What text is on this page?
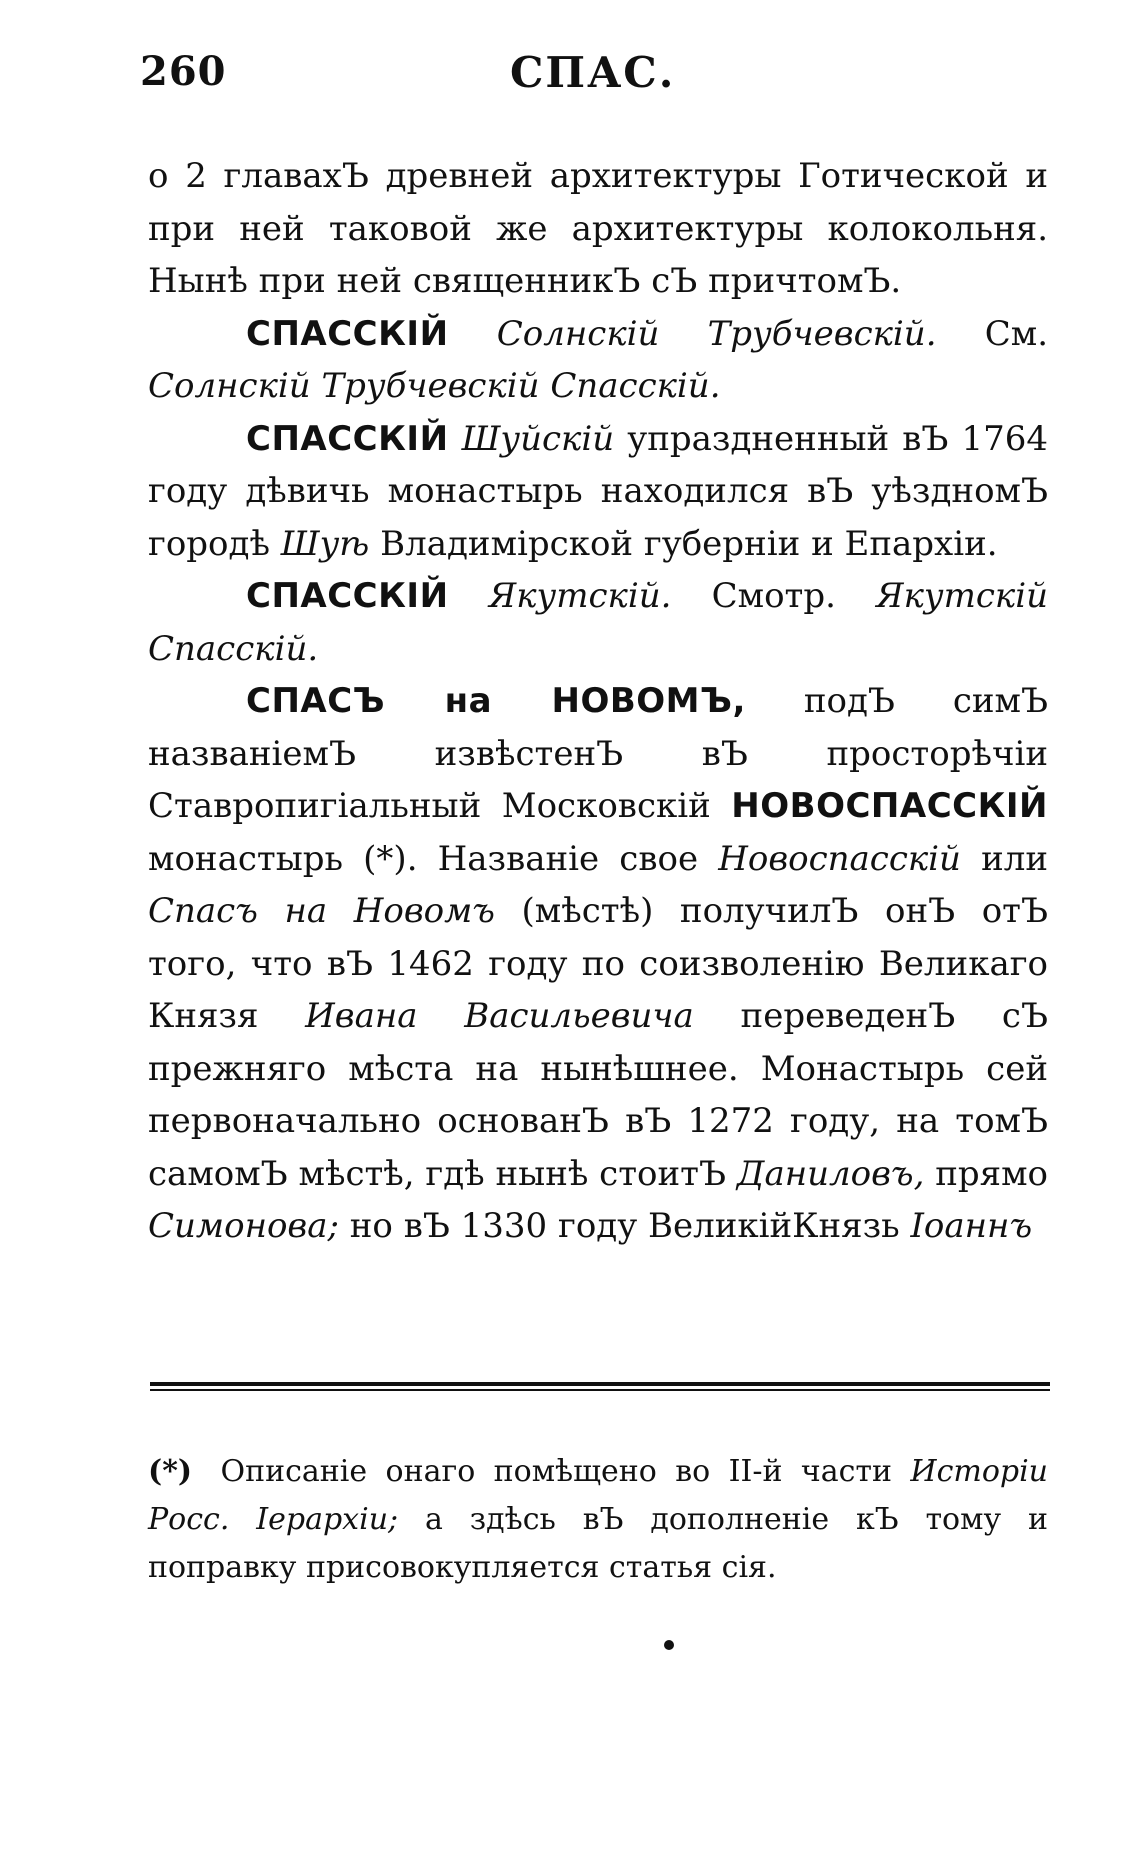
260	СПАС.

о 2 главахЪ древней архитектуры Готической и при ней таковой же архитектуры колокольня. Нынѣ при ней священникЪ сЪ причтомЪ.

СПАССКІЙ Солнскій Трубчевскій. См. Солнскій Трубчевскій Спасскій.

СПАССКІЙ Шуйскій упраздненный вЪ 1764 году дѣвичь монастырь находился вЪ уѣздномЪ городѣ Шуѣ Владимірской губерніи и Епархіи.

СПАССКІЙ Якутскій. Смотр. Якутскій Спасскій.

СПАСЪ на НОВОМЪ, подЪ симЪ названіемЪ извѣстенЪ вЪ просторѣчіи Ставропигіальный Московскій НОВОСПАССКІЙ монастырь (*). Названіе свое Новоспасскій или Спасъ на Новомъ (мѣстѣ) получилЪ онЪ отЪ того, что вЪ 1462 году по соизволенію Великаго Князя Ивана Васильевича переведенЪ сЪ прежняго мѣста на нынѣшнее. Монастырь сей первоначально основанЪ вЪ 1272 году, на томЪ самомЪ мѣстѣ, гдѣ нынѣ стоитЪ Даниловъ, прямо Симонова; но вЪ 1330 году ВеликійКнязь Іоаннъ

(*) Описаніе онаго помѣщено во II-й части Исторіи Росс. Іерархіи; а здѣсь вЪ дополненіе кЪ тому и поправку присовокупляется статья сія.
